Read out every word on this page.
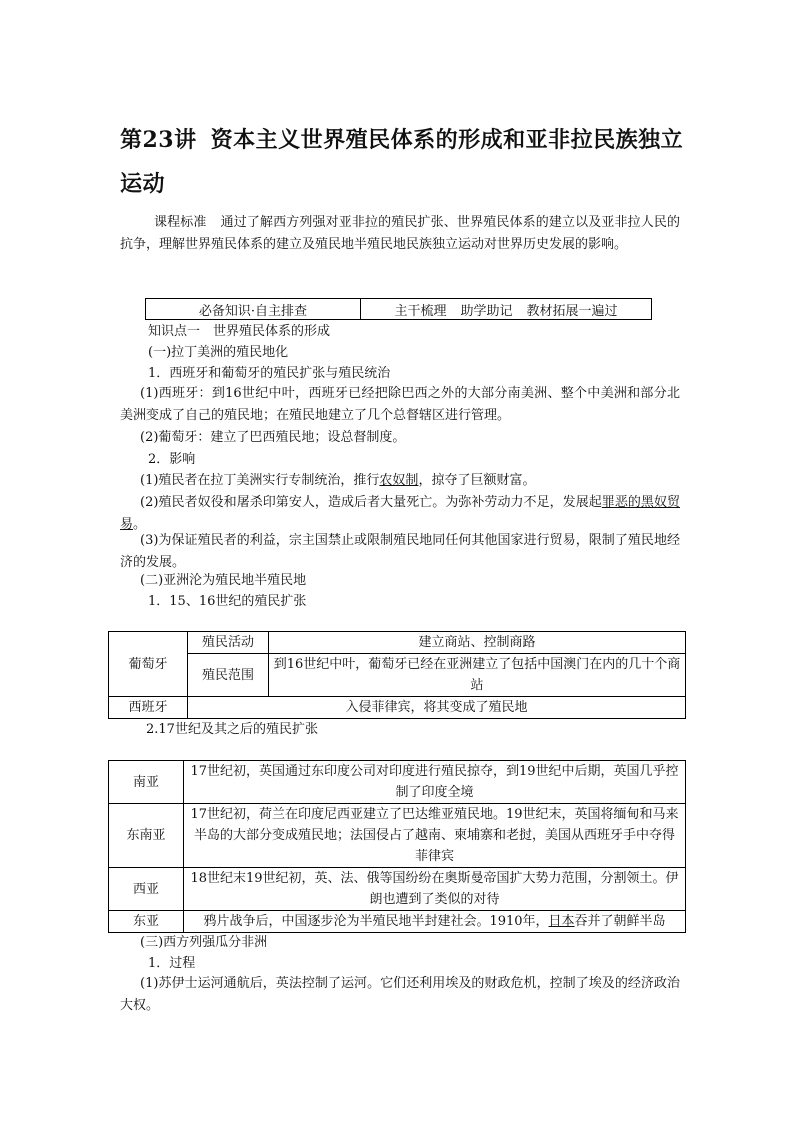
第23讲 资本主义世界殖民体系的形成和亚非拉民族独立运动
课程标准 通过了解西方列强对亚非拉的殖民扩张、世界殖民体系的建立以及亚非拉人民的抗争，理解世界殖民体系的建立及殖民地半殖民地民族独立运动对世界历史发展的影响。
必备知识·自主排查	主干梳理 助学助记 教材拓展一遍过
知识点一　世界殖民体系的形成
(一)拉丁美洲的殖民地化
1．西班牙和葡萄牙的殖民扩张与殖民统治
(1)西班牙：到16世纪中叶，西班牙已经把除巴西之外的大部分南美洲、整个中美洲和部分北美洲变成了自己的殖民地；在殖民地建立了几个总督辖区进行管理。
(2)葡萄牙：建立了巴西殖民地；设总督制度。
2．影响
(1)殖民者在拉丁美洲实行专制统治，推行农奴制，掠夺了巨额财富。
(2)殖民者奴役和屠杀印第安人，造成后者大量死亡。为弥补劳动力不足，发展起罪恶的黑奴贸易。
(3)为保证殖民者的利益，宗主国禁止或限制殖民地同任何其他国家进行贸易，限制了殖民地经济的发展。
(二)亚洲沦为殖民地半殖民地
1．15、16世纪的殖民扩张
葡萄牙	殖民活动	建立商站、控制商路
	殖民范围	到16世纪中叶，葡萄牙已经在亚洲建立了包括中国澳门在内的几十个商站
西班牙	入侵菲律宾，将其变成了殖民地	
2.17世纪及其之后的殖民扩张
南亚	17世纪初，英国通过东印度公司对印度进行殖民掠夺，到19世纪中后期，英国几乎控制了印度全境
东南亚	17世纪初，荷兰在印度尼西亚建立了巴达维亚殖民地。19世纪末，英国将缅甸和马来半岛的大部分变成殖民地；法国侵占了越南、柬埔寨和老挝，美国从西班牙手中夺得菲律宾
西亚	18世纪末19世纪初，英、法、俄等国纷纷在奥斯曼帝国扩大势力范围，分割领土。伊朗也遭到了类似的对待
东亚	鸦片战争后，中国逐步沦为半殖民地半封建社会。1910年，日本吞并了朝鲜半岛
(三)西方列强瓜分非洲
1．过程
(1)苏伊士运河通航后，英法控制了运河。它们还利用埃及的财政危机，控制了埃及的经济政治大权。
